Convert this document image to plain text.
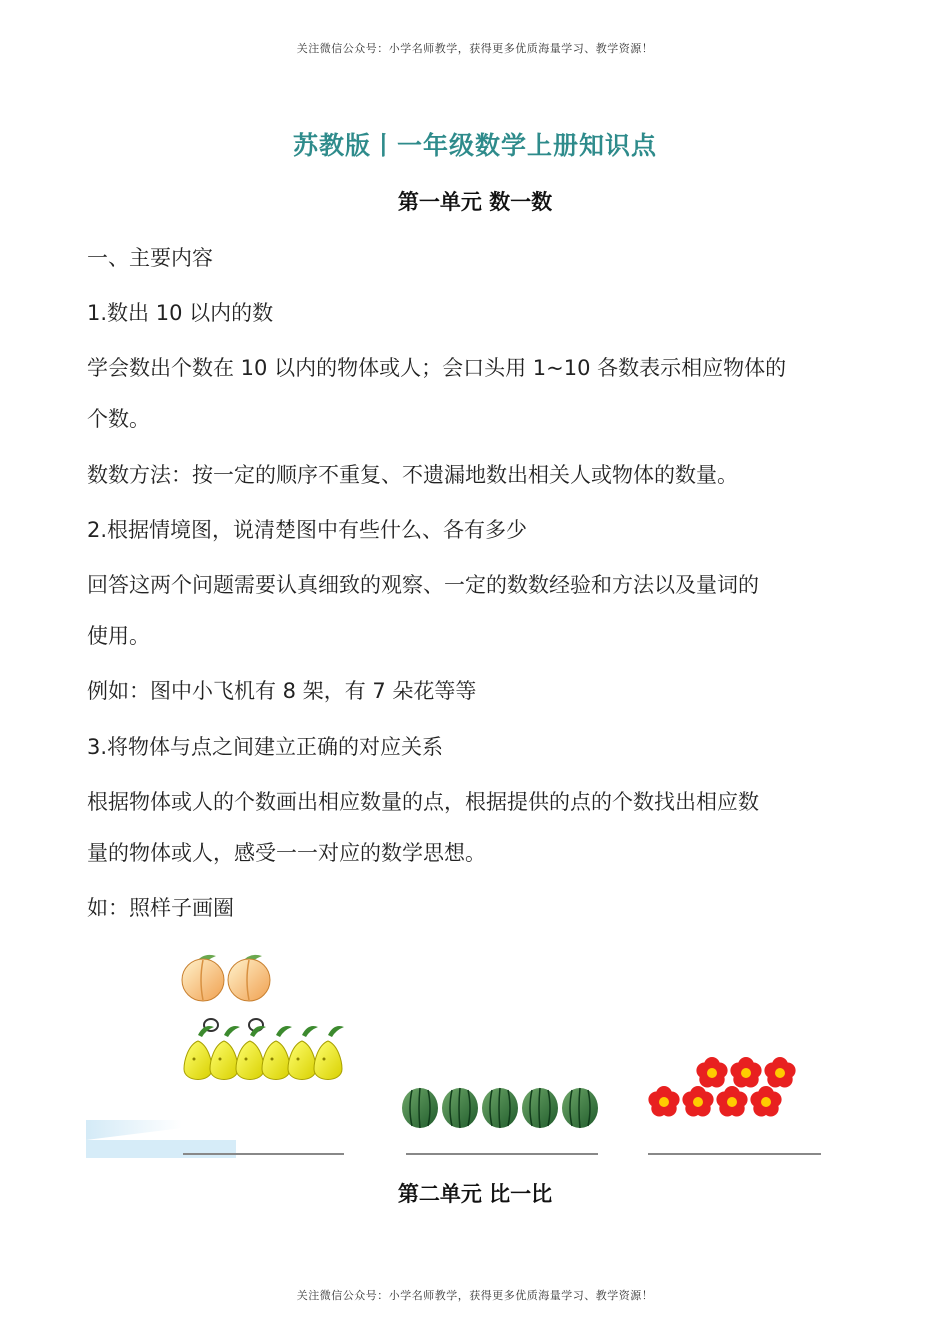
关注微信公众号：小学名师教学，获得更多优质海量学习、教学资源！
苏教版丨一年级数学上册知识点
第一单元 数一数
一、主要内容
1.数出 10 以内的数
学会数出个数在 10 以内的物体或人；会口头用 1~10 各数表示相应物体的
个数。
数数方法：按一定的顺序不重复、不遗漏地数出相关人或物体的数量。
2.根据情境图，说清楚图中有些什么、各有多少
回答这两个问题需要认真细致的观察、一定的数数经验和方法以及量词的
使用。
例如：图中小飞机有 8 架，有 7 朵花等等
3.将物体与点之间建立正确的对应关系
根据物体或人的个数画出相应数量的点，根据提供的点的个数找出相应数
量的物体或人，感受一一对应的数学思想。
如：照样子画圈
第二单元 比一比
关注微信公众号：小学名师教学，获得更多优质海量学习、教学资源！
